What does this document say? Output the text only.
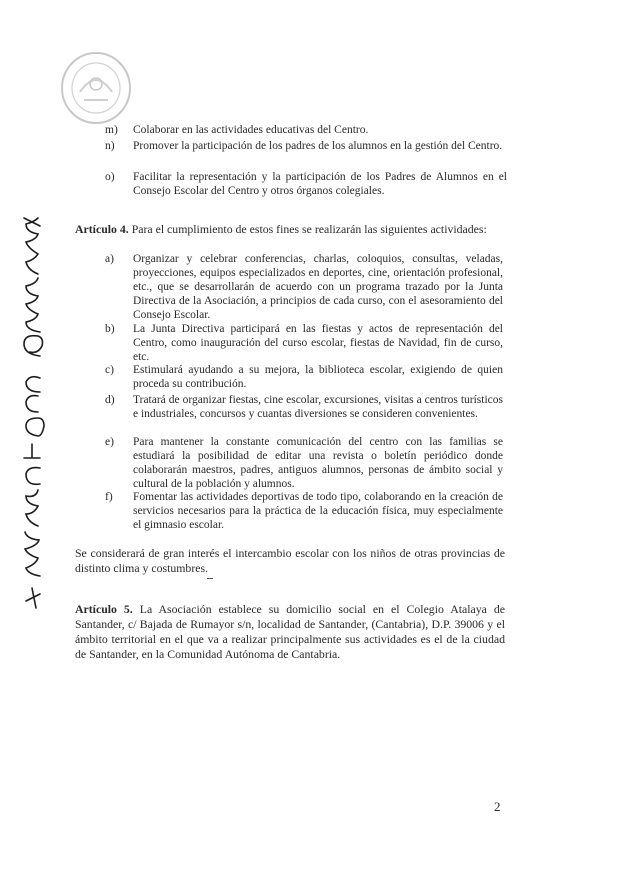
m) Colaborar en las actividades educativas del Centro.
n) Promover la participación de los padres de los alumnos en la gestión del Centro.
o) Facilitar la representación y la participación de los Padres de Alumnos en el Consejo Escolar del Centro y otros órganos colegiales.
Artículo 4. Para el cumplimiento de estos fines se realizarán las siguientes actividades:
a) Organizar y celebrar conferencias, charlas, coloquios, consultas, veladas, proyecciones, equipos especializados en deportes, cine, orientación profesional, etc., que se desarrollarán de acuerdo con un programa trazado por la Junta Directiva de la Asociación, a principios de cada curso, con el asesoramiento del Consejo Escolar.
b) La Junta Directiva participará en las fiestas y actos de representación del Centro, como inauguración del curso escolar, fiestas de Navidad, fin de curso, etc.
c) Estimulará ayudando a su mejora, la biblioteca escolar, exigiendo de quien proceda su contribución.
d) Tratará de organizar fiestas, cine escolar, excursiones, visitas a centros turísticos e industriales, concursos y cuantas diversiones se consideren convenientes.
e) Para mantener la constante comunicación del centro con las familias se estudiará la posibilidad de editar una revista o boletín periódico donde colaborarán maestros, padres, antiguos alumnos, personas de ámbito social y cultural de la población y alumnos.
f) Fomentar las actividades deportivas de todo tipo, colaborando en la creación de servicios necesarios para la práctica de la educación física, muy especialmente el gimnasio escolar.
Se considerará de gran interés el intercambio escolar con los niños de otras provincias de distinto clima y costumbres.
Artículo 5. La Asociación establece su domicilio social en el Colegio Atalaya de Santander, c/ Bajada de Rumayor s/n, localidad de Santander, (Cantabria), D.P. 39006 y el ámbito territorial en el que va a realizar principalmente sus actividades es el de la ciudad de Santander, en la Comunidad Autónoma de Cantabria.
2
